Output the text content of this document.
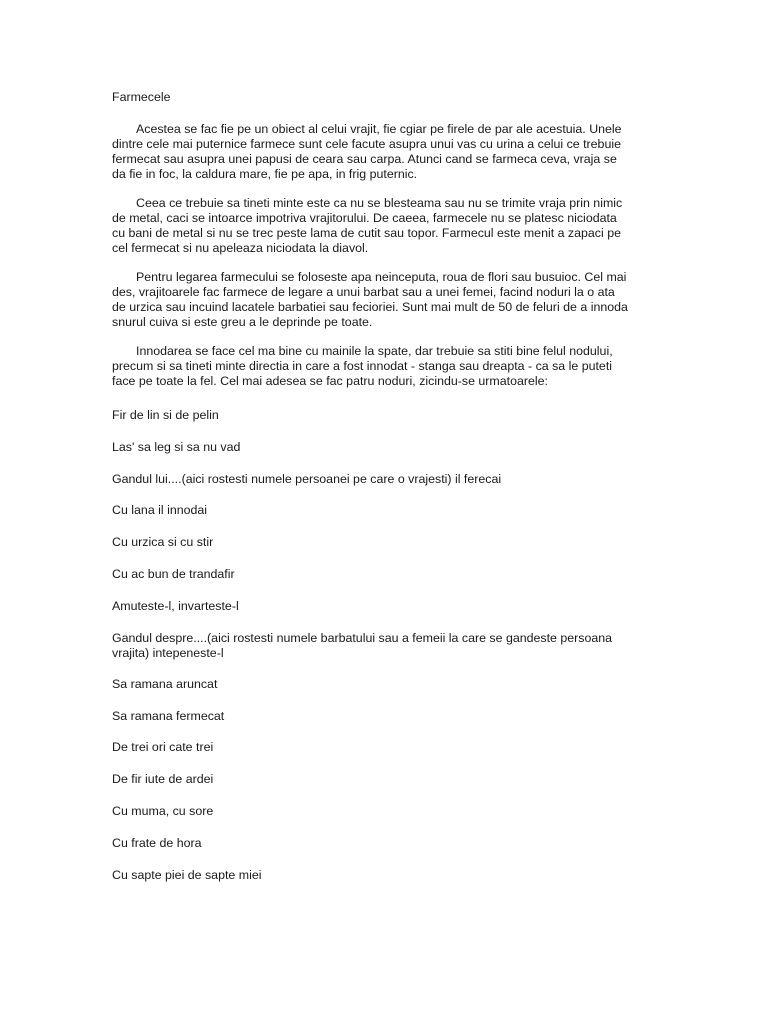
Farmecele

Acestea se fac fie pe un obiect al celui vrajit, fie cgiar pe firele de par ale acestuia. Unele dintre cele mai puternice farmece sunt cele facute asupra unui vas cu urina a celui ce trebuie fermecat sau asupra unei papusi de ceara sau carpa. Atunci cand se farmeca ceva, vraja se da fie in foc, la caldura mare, fie pe apa, in frig puternic.

Ceea ce trebuie sa tineti minte este ca nu se blesteama sau nu se trimite vraja prin nimic de metal, caci se intoarce impotriva vrajitorului. De caeea, farmecele nu se platesc niciodata cu bani de metal si nu se trec peste lama de cutit sau topor. Farmecul este menit a zapaci pe cel fermecat si nu apeleaza niciodata la diavol.

Pentru legarea farmecului se foloseste apa neinceputa, roua de flori sau busuioc. Cel mai des, vrajitoarele fac farmece de legare a unui barbat sau a unei femei, facind noduri la o ata de urzica sau incuind lacatele barbatiei sau fecioriei. Sunt mai mult de 50 de feluri de a innoda snurul cuiva si este greu a le deprinde pe toate.

Innodarea se face cel ma bine cu mainile la spate, dar trebuie sa stiti bine felul nodului, precum si sa tineti minte directia in care a fost innodat - stanga sau dreapta - ca sa le puteti face pe toate la fel. Cel mai adesea se fac patru noduri, zicindu-se urmatoarele:

Fir de lin si de pelin

Las' sa leg si sa nu vad

Gandul lui....(aici rostesti numele persoanei pe care o vrajesti) il ferecai

Cu lana il innodai

Cu urzica si cu stir

Cu ac bun de trandafir

Amuteste-l, invarteste-l

Gandul despre....(aici rostesti numele barbatului sau a femeii la care se gandeste persoana vrajita) intepeneste-l

Sa ramana aruncat

Sa ramana fermecat

De trei ori cate trei

De fir iute de ardei

Cu muma, cu sore

Cu frate de hora

Cu sapte piei de sapte miei
